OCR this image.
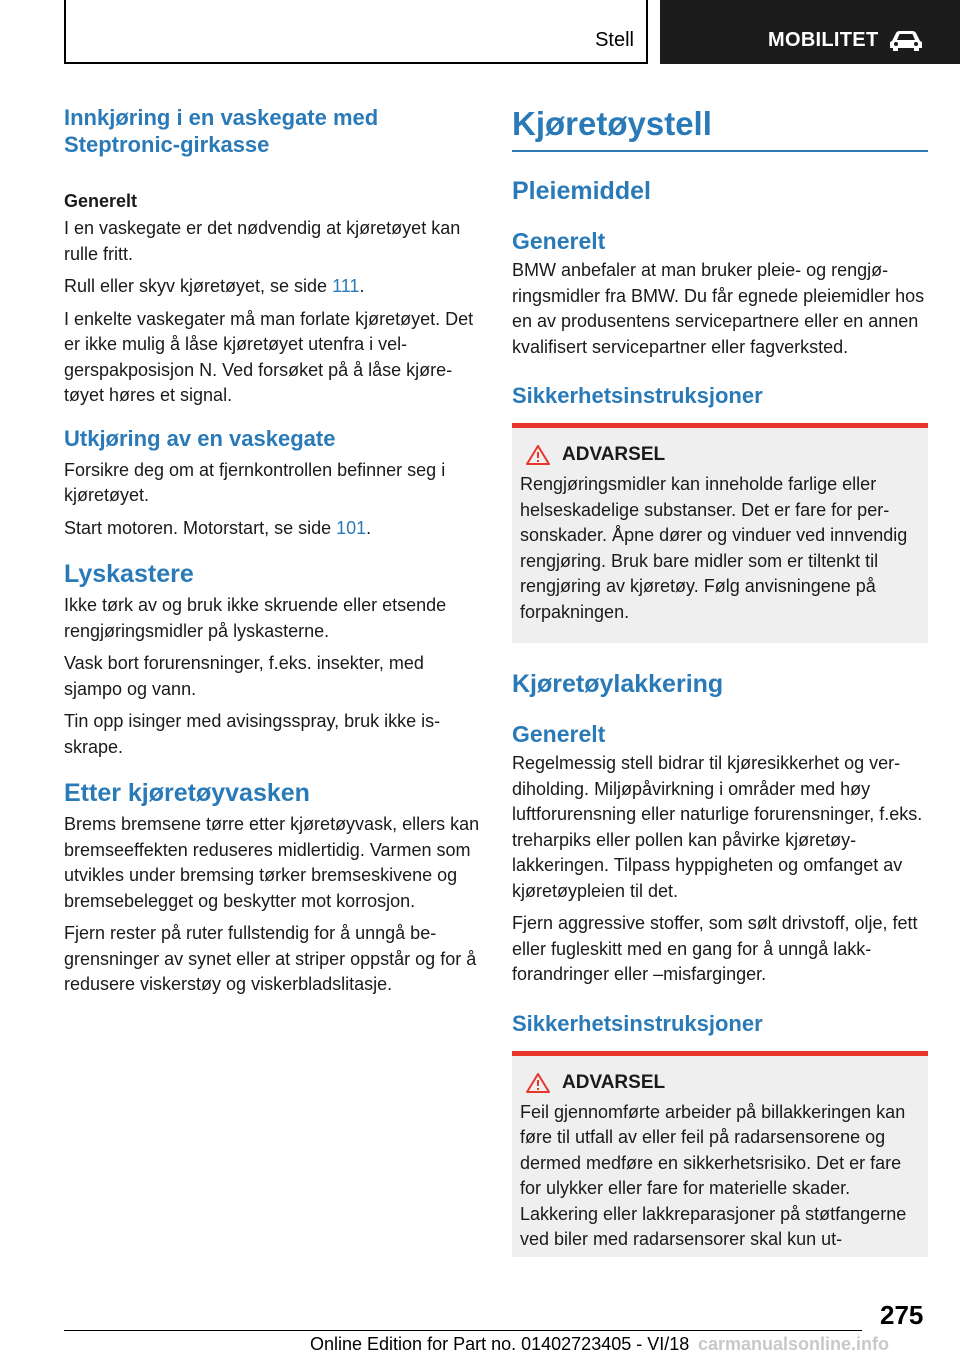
Stell	MOBILITET
Innkjøring i en vaskegate med
Steptronic-girkasse
Generelt

I en vaskegate er det nødvendig at kjøretøyet kan rulle fritt.

Rull eller skyv kjøretøyet, se side 111.

I enkelte vaskegater må man forlate kjøretøyet. Det er ikke mulig å låse kjøretøyet utenfra i velgerspakposisjon N. Ved forsøket på å låse kjøretøyet høres et signal.

Utkjøring av en vaskegate

Forsikre deg om at fjernkontrollen befinner seg i kjøretøyet.

Start motoren. Motorstart, se side 101.

Lyskastere

Ikke tørk av og bruk ikke skruende eller etsende rengjøringsmidler på lyskasterne.

Vask bort forurensninger, f.eks. insekter, med sjampo og vann.

Tin opp isinger med avisingsspray, bruk ikke isskrape.

Etter kjøretøyvasken

Brems bremsene tørre etter kjøretøyvask, ellers kan bremseeffekten reduseres midlertidig. Varmen som utvikles under bremsing tørker bremseskivene og bremsebelegget og beskytter mot korrosjon.

Fjern rester på ruter fullstendig for å unngå begrensninger av synet eller at striper oppstår og for å redusere viskerstøy og viskerbladslitasje.

Kjøretøystell
Pleiemiddel
Generelt

BMW anbefaler at man bruker pleie- og rengjøringsmidler fra BMW. Du får egnede pleiemidler hos en av produsentens servicepartnere eller en annen kvalifisert servicepartner eller fagverksted.

Sikkerhetsinstruksjoner
ADVARSEL

Rengjøringsmidler kan inneholde farlige eller helseskadelige substanser. Det er fare for personskader. Åpne dører og vinduer ved innvendig rengjøring. Bruk bare midler som er tiltenkt til rengjøring av kjøretøy. Følg anvisningene på forpakningen.

Kjøretøylakkering
Generelt

Regelmessig stell bidrar til kjøresikkerhet og verdiholding. Miljøpåvirkning i områder med høy luftforurensning eller naturlige forurensninger, f.eks. treharpiks eller pollen kan påvirke kjøretøylakkeringen. Tilpass hyppigheten og omfanget av kjøretøypleien til det.

Fjern aggressive stoffer, som sølt drivstoff, olje, fett eller fugleskitt med en gang for å unngå lakkforandringer eller –misfarginger.

Sikkerhetsinstruksjoner
ADVARSEL

Feil gjennomførte arbeider på billakkeringen kan føre til utfall av eller feil på radarsensorene og dermed medføre en sikkerhetsrisiko. Det er fare for ulykker eller fare for materielle skader. Lakkering eller lakkreparasjoner på støtfangerne ved biler med radarsensorer skal kun ut-

275
Online Edition for Part no. 01402723405 - VI/18 carmanualsonline.info
